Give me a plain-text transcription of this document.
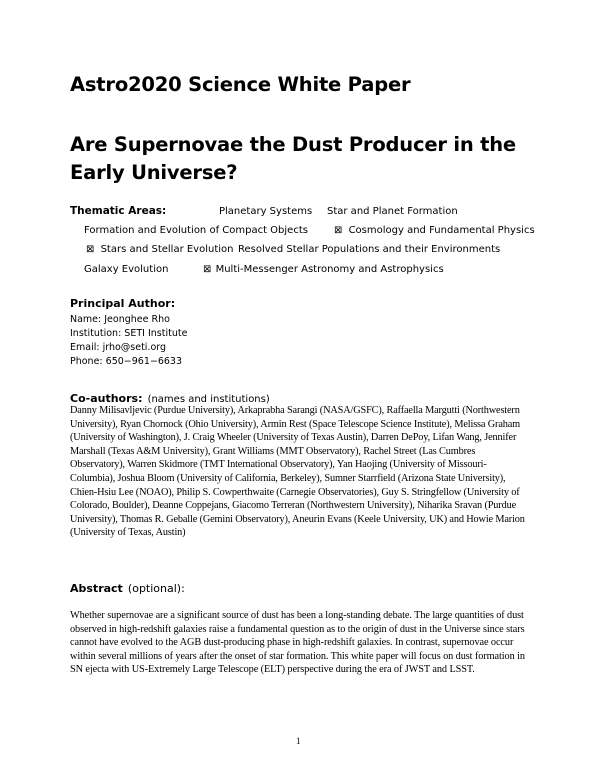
Astro2020 Science White Paper
Are Supernovae the Dust Producer in the Early Universe?
Thematic Areas:	Planetary Systems Star and Planet Formation
Formation and Evolution of Compact Objects	⊠ Cosmology and Fundamental Physics
⊠ Stars and Stellar Evolution Resolved Stellar Populations and their Environments
Galaxy Evolution	⊠ Multi-Messenger Astronomy and Astrophysics
Principal Author:
Name: Jeonghee Rho
Institution: SETI Institute
Email: jrho@seti.org
Phone: 650−961−6633
Co-authors: (names and institutions)
Danny Milisavljevic (Purdue University), Arkaprabha Sarangi (NASA/GSFC), Raffaella Margutti (Northwestern University), Ryan Chornock (Ohio University), Armin Rest (Space Telescope Science Institute), Melissa Graham (University of Washington), J. Craig Wheeler (University of Texas Austin), Darren DePoy, Lifan Wang, Jennifer Marshall (Texas A&M University), Grant Williams (MMT Observatory), Rachel Street (Las Cumbres Observatory), Warren Skidmore (TMT International Observatory), Yan Haojing (University of Missouri-Columbia), Joshua Bloom (University of California, Berkeley), Sumner Starrfield (Arizona State University), Chien-Hsiu Lee (NOAO), Philip S. Cowperthwaite (Carnegie Observatories), Guy S. Stringfellow (University of Colorado, Boulder), Deanne Coppejans, Giacomo Terreran (Northwestern University), Niharika Sravan (Purdue University), Thomas R. Geballe (Gemini Observatory), Aneurin Evans (Keele University, UK) and Howie Marion (University of Texas, Austin)
Abstract (optional):
Whether supernovae are a significant source of dust has been a long-standing debate. The large quantities of dust observed in high-redshift galaxies raise a fundamental question as to the origin of dust in the Universe since stars cannot have evolved to the AGB dust-producing phase in high-redshift galaxies. In contrast, supernovae occur within several millions of years after the onset of star formation. This white paper will focus on dust formation in SN ejecta with US-Extremely Large Telescope (ELT) perspective during the era of JWST and LSST.
1
